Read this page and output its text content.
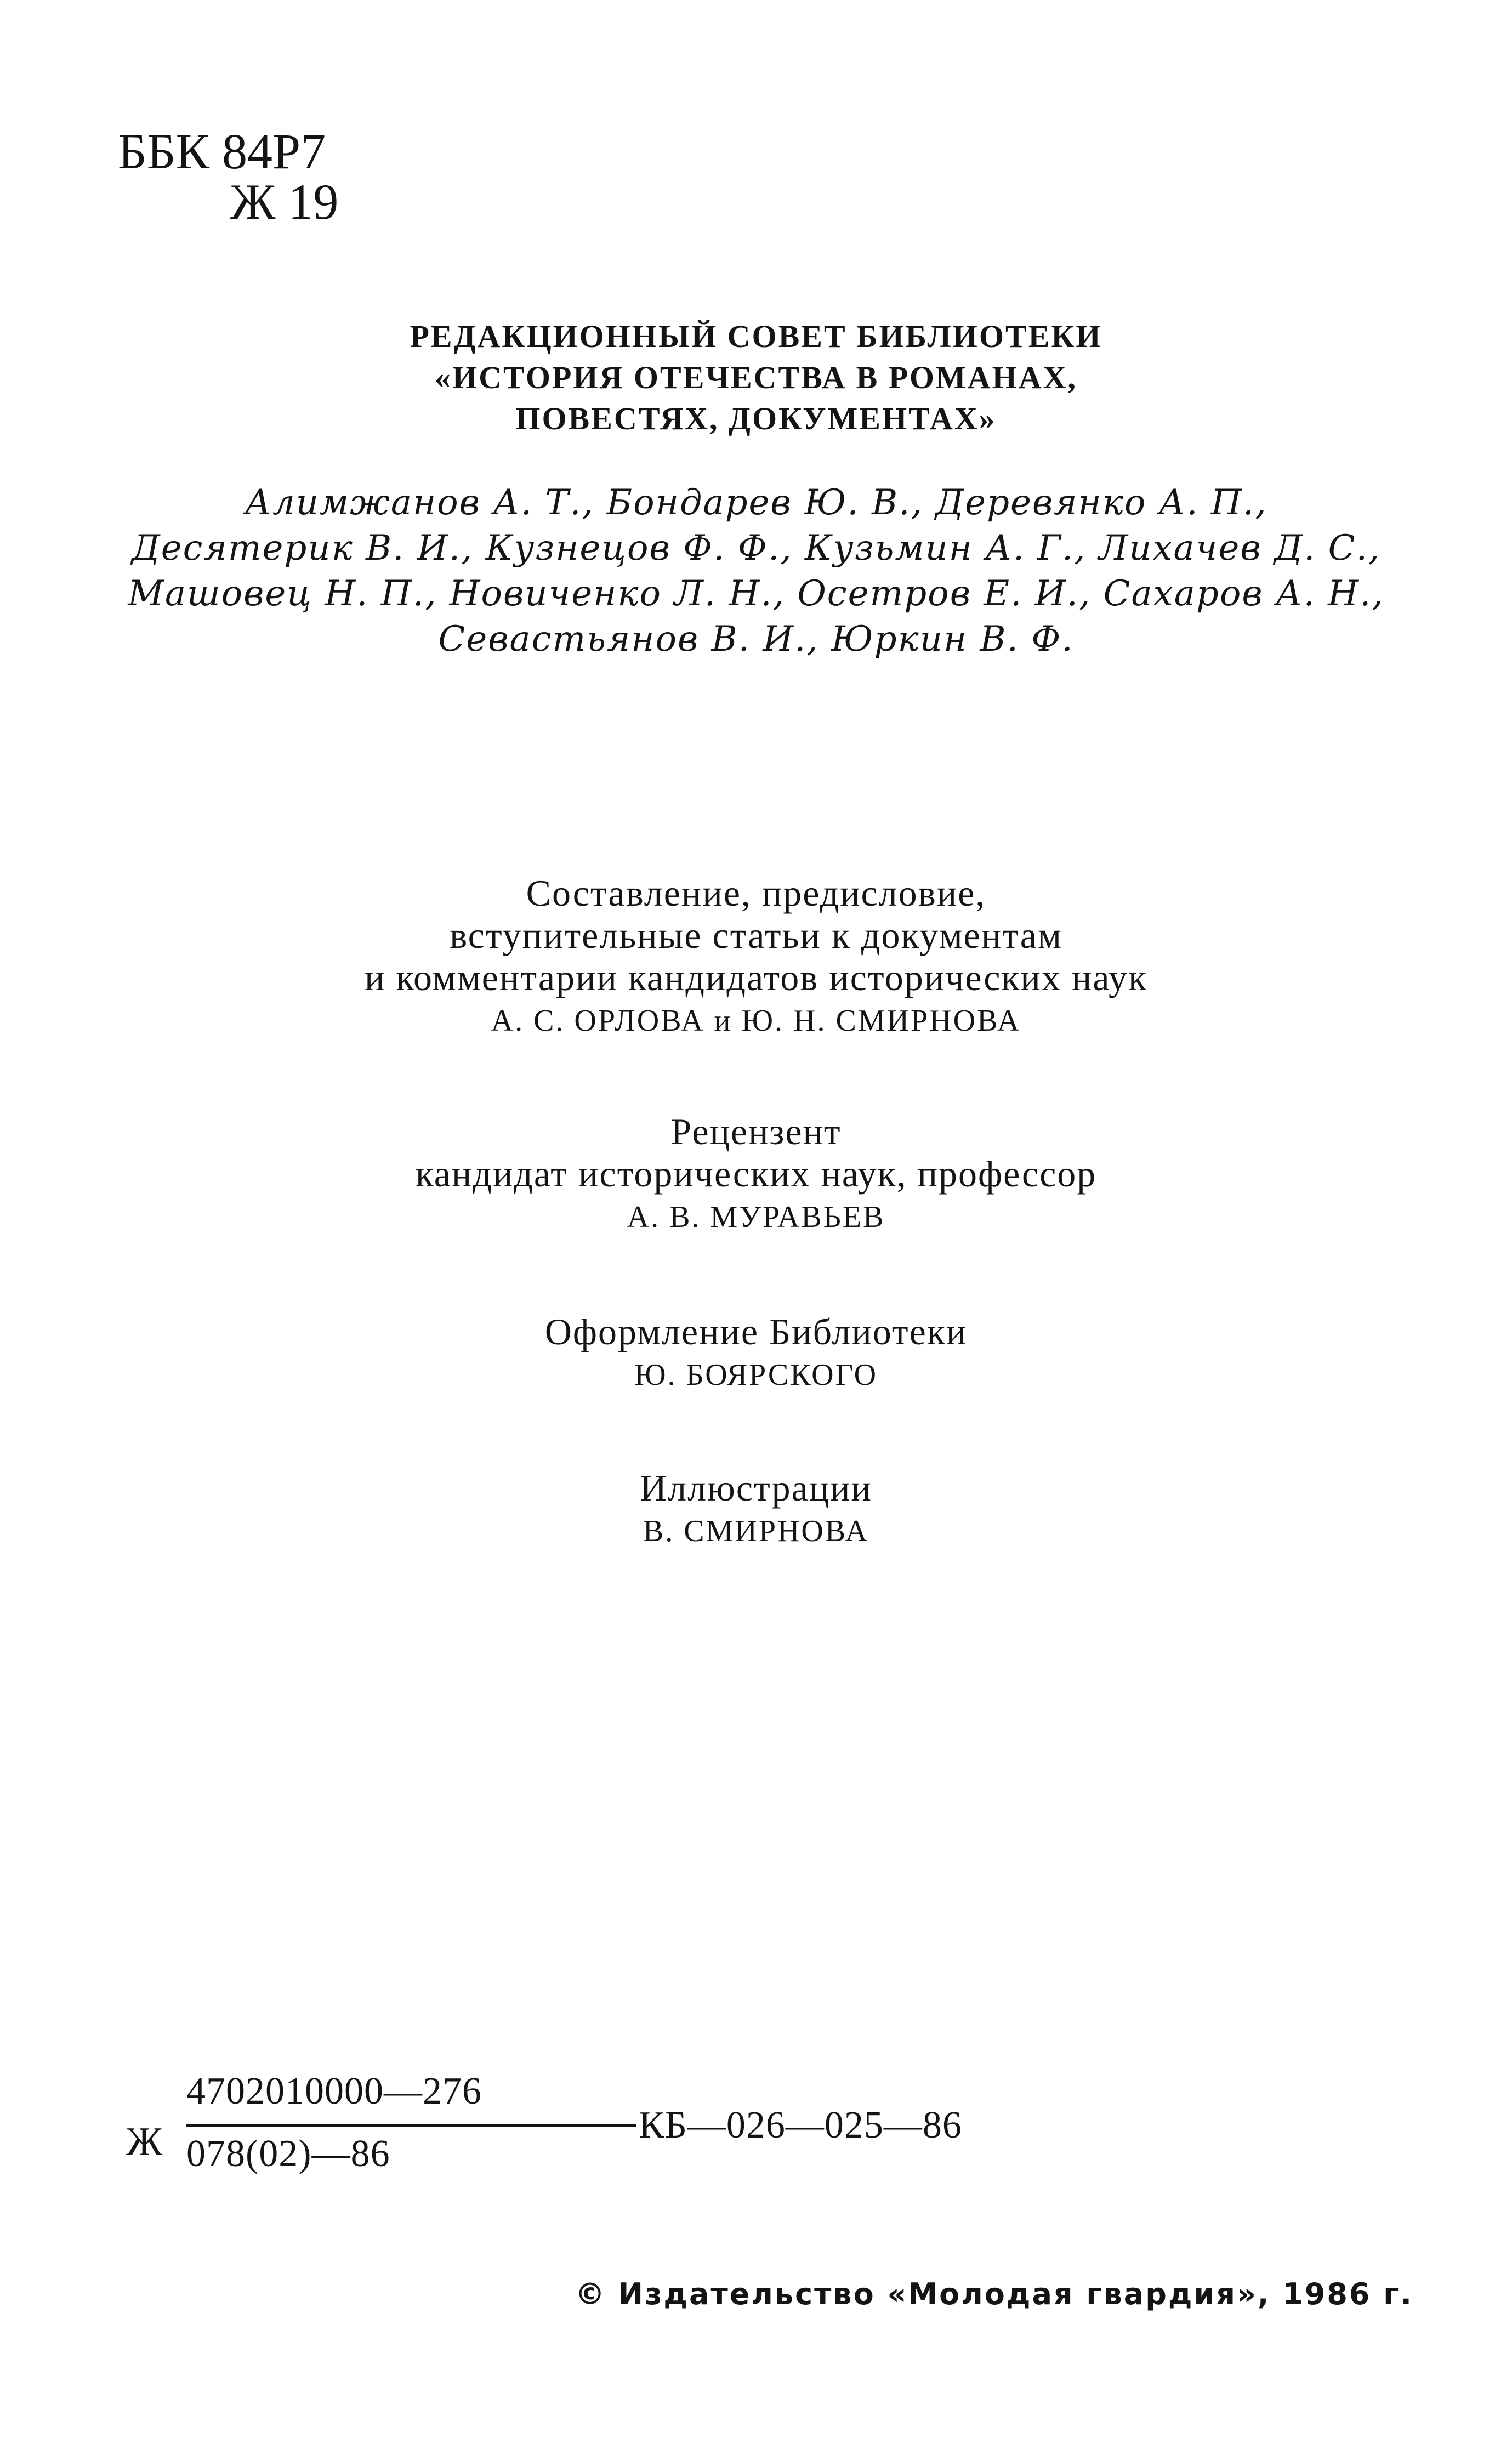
ББК 84Р7
Ж 19
РЕДАКЦИОННЫЙ СОВЕТ БИБЛИОТЕКИ
«ИСТОРИЯ ОТЕЧЕСТВА В РОМАНАХ,
ПОВЕСТЯХ, ДОКУМЕНТАХ»
Алимжанов А. Т., Бондарев Ю. В., Деревянко А. П.,
Десятерик В. И., Кузнецов Ф. Ф., Кузьмин А. Г., Лихачев Д. С.,
Машовец Н. П., Новиченко Л. Н., Осетров Е. И., Сахаров А. Н.,
Севастьянов В. И., Юркин В. Ф.
Составление, предисловие,
вступительные статьи к документам
и комментарии кандидатов исторических наук
А. С. ОРЛОВА и Ю. Н. СМИРНОВА
Рецензент
кандидат исторических наук, профессор
А. В. МУРАВЬЕВ
Оформление Библиотеки
Ю. БОЯРСКОГО
Иллюстрации
В. СМИРНОВА
Ж
4702010000—276
078(02)—86
КБ—026—025—86
© Издательство «Молодая гвардия», 1986 г.
